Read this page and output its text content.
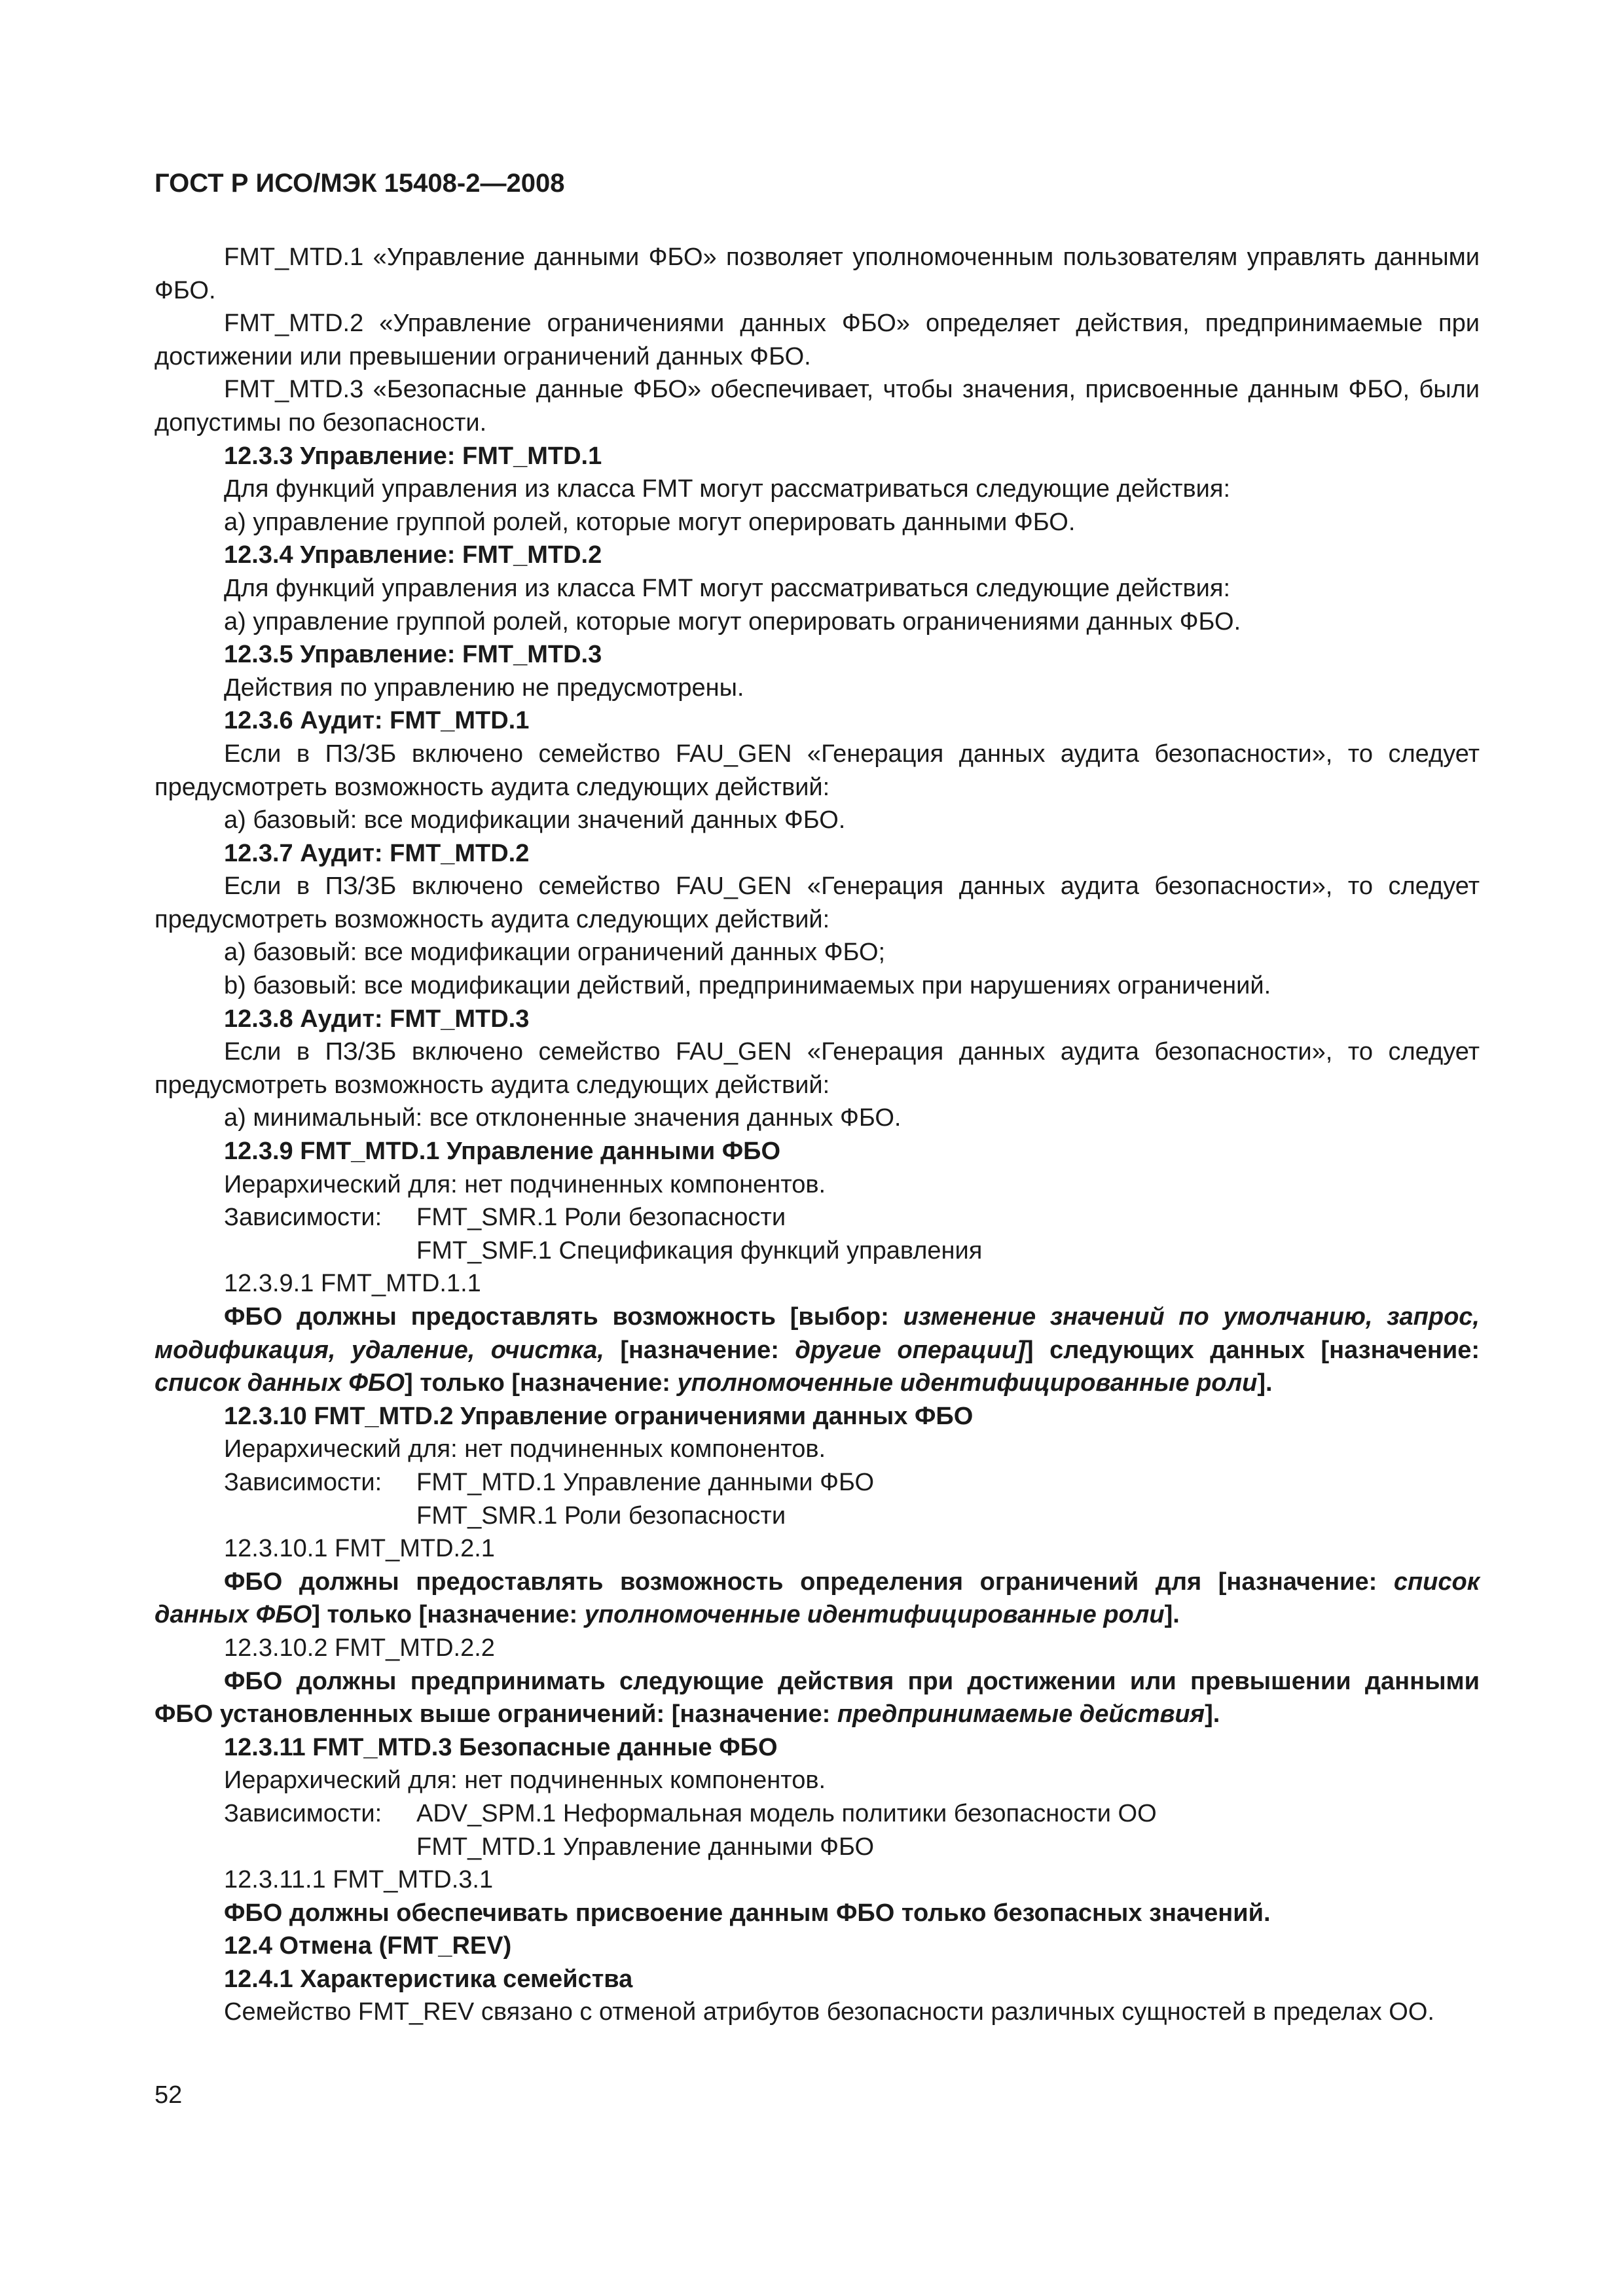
ГОСТ Р ИСО/МЭК 15408-2—2008

FMT_MTD.1 «Управление данными ФБО» позволяет уполномоченным пользователям управлять данными ФБО.

FMT_MTD.2 «Управление ограничениями данных ФБО» определяет действия, предпринимаемые при достижении или превышении ограничений данных ФБО.

FMT_MTD.3 «Безопасные данные ФБО» обеспечивает, чтобы значения, присвоенные данным ФБО, были допустимы по безопасности.

12.3.3 Управление: FMT_MTD.1

Для функций управления из класса FMT могут рассматриваться следующие действия:

а) управление группой ролей, которые могут оперировать данными ФБО.

12.3.4 Управление: FMT_MTD.2

Для функций управления из класса FMT могут рассматриваться следующие действия:

а) управление группой ролей, которые могут оперировать ограничениями данных ФБО.

12.3.5 Управление: FMT_MTD.3

Действия по управлению не предусмотрены.

12.3.6 Аудит: FMT_MTD.1

Если в ПЗ/ЗБ включено семейство FAU_GEN «Генерация данных аудита безопасности», то следует предусмотреть возможность аудита следующих действий:

а) базовый: все модификации значений данных ФБО.

12.3.7 Аудит: FMT_MTD.2

Если в ПЗ/ЗБ включено семейство FAU_GEN «Генерация данных аудита безопасности», то следует предусмотреть возможность аудита следующих действий:

а) базовый: все модификации ограничений данных ФБО;

b) базовый: все модификации действий, предпринимаемых при нарушениях ограничений.

12.3.8 Аудит: FMT_MTD.3

Если в ПЗ/ЗБ включено семейство FAU_GEN «Генерация данных аудита безопасности», то следует предусмотреть возможность аудита следующих действий:

а) минимальный: все отклоненные значения данных ФБО.

12.3.9 FMT_MTD.1 Управление данными ФБО

Иерархический для: нет подчиненных компонентов.

Зависимости:	FMT_SMR.1 Роли безопасности

FMT_SMF.1 Спецификация функций управления

12.3.9.1 FMT_MTD.1.1

ФБО должны предоставлять возможность [выбор: изменение значений по умолчанию, запрос, модификация, удаление, очистка, [назначение: другие операции]] следующих данных [назначение: список данных ФБО] только [назначение: уполномоченные идентифицированные роли].

12.3.10 FMT_MTD.2 Управление ограничениями данных ФБО

Иерархический для: нет подчиненных компонентов.

Зависимости:	FMT_MTD.1 Управление данными ФБО

FMT_SMR.1 Роли безопасности

12.3.10.1 FMT_MTD.2.1

ФБО должны предоставлять возможность определения ограничений для [назначение: список данных ФБО] только [назначение: уполномоченные идентифицированные роли].

12.3.10.2 FMT_MTD.2.2

ФБО должны предпринимать следующие действия при достижении или превышении данными ФБО установленных выше ограничений: [назначение: предпринимаемые действия].

12.3.11 FMT_MTD.3 Безопасные данные ФБО

Иерархический для: нет подчиненных компонентов.

Зависимости:	ADV_SPM.1 Неформальная модель политики безопасности ОО

FMT_MTD.1 Управление данными ФБО

12.3.11.1 FMT_MTD.3.1

ФБО должны обеспечивать присвоение данным ФБО только безопасных значений.

12.4 Отмена (FMT_REV)

12.4.1 Характеристика семейства

Семейство FMT_REV связано с отменой атрибутов безопасности различных сущностей в пределах ОО.

52
